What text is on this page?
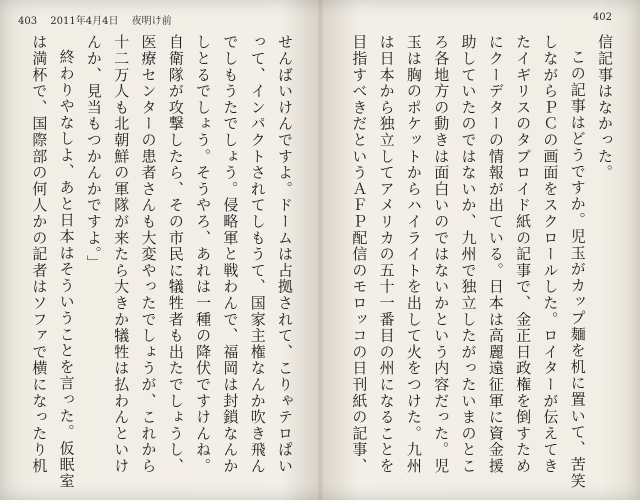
403 2011年4月4日 夜明け前

せんばいけんですよ。ドームは占拠されて、こりゃテロぱいって、インパクトされてしもうて、国家主権なんか吹き飛んでしもうたでしょう。侵略軍と戦わんで、福岡は封鎖なんかしとるでしょう。そうやろ、あれは一種の降伏ですけんね。自衛隊が攻撃したら、その市民に犠牲者も出たでしょうし、医療センターの患者さんも大変やったでしょうが、これから十二万人も北朝鮮の軍隊が来たら大きか犠牲は払わんといけんか、見当もつかんかですよ。」

終わりやなしよ、あと日本はそういうことを言った。仮眠室は満杯で、国際部の何人かの記者はソファで横になったり机

402

信記事はなかった。

この記事はどうですか。児玉がカップ麺を机に置いて、苦笑しながらＰＣの画面をスクロールした。ロイターが伝えてきたイギリスのタブロイド紙の記事で、金正日政権を倒すためにクーデターの情報が出ている。日本は高麗遠征軍に資金援助していたのではないか、九州で独立したがったいまのところ各地方の動きは面白いのではないかという内容だった。児玉は胸のポケットからハイライトを出して火をつけた。九州は日本から独立してアメリカの五十一番目の州になることを目指すべきだというＡＦＰ配信のモロッコの日刊紙の記事、
